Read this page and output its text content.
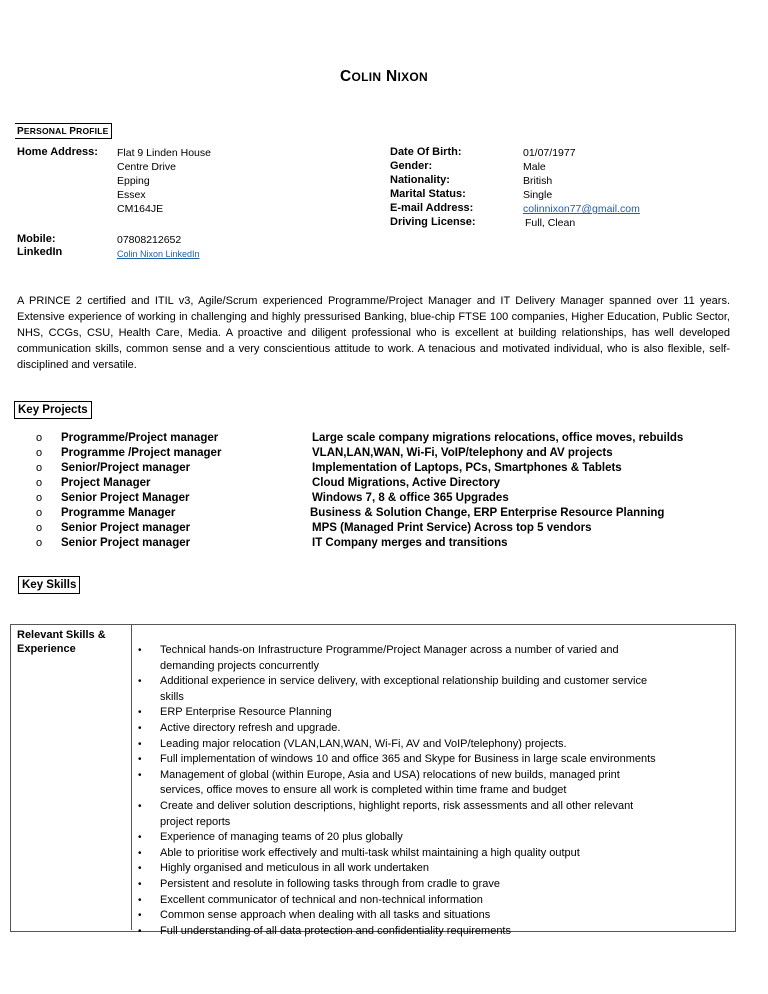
COLIN NIXON
PERSONAL PROFILE
Home Address: Flat 9 Linden House
Centre Drive
Epping
Essex
CM164JE
Date Of Birth:	01/07/1977
Gender:	Male
Nationality:	British
Marital Status:	Single
E-mail Address:	colinnixon77@gmail.com
Driving License:	Full, Clean
Mobile:	07808212652
LinkedIn	Colin Nixon LinkedIn
A PRINCE 2 certified and ITIL v3, Agile/Scrum experienced Programme/Project Manager and IT Delivery Manager spanned over 11 years. Extensive experience of working in challenging and highly pressurised Banking, blue-chip FTSE 100 companies, Higher Education, Public Sector, NHS, CCGs, CSU, Health Care, Media. A proactive and diligent professional who is excellent at building relationships, has well developed communication skills, common sense and a very conscientious attitude to work. A tenacious and motivated individual, who is also flexible, self-disciplined and versatile.
Key Projects
o Programme/Project manager	Large scale company migrations relocations, office moves, rebuilds
o Programme /Project manager	VLAN,LAN,WAN, Wi-Fi, VoIP/telephony and AV projects
o Senior/Project manager	Implementation of Laptops, PCs, Smartphones & Tablets
o Project Manager	Cloud Migrations, Active Directory
o Senior Project Manager	Windows 7, 8 & office 365 Upgrades
o Programme Manager	Business & Solution Change, ERP Enterprise Resource Planning
o Senior Project manager	MPS (Managed Print Service) Across top 5 vendors
o Senior Project manager	IT Company merges and transitions
Key Skills
Relevant Skills &
Experience	• Technical hands-on Infrastructure Programme/Project Manager across a number of varied and
demanding projects concurrently
• Additional experience in service delivery, with exceptional relationship building and customer service
skills
• ERP Enterprise Resource Planning
• Active directory refresh and upgrade.
• Leading major relocation (VLAN,LAN,WAN, Wi-Fi, AV and VoIP/telephony) projects.
• Full implementation of windows 10 and office 365 and Skype for Business in large scale environments
• Management of global (within Europe, Asia and USA) relocations of new builds, managed print
services, office moves to ensure all work is completed within time frame and budget
• Create and deliver solution descriptions, highlight reports, risk assessments and all other relevant
project reports
• Experience of managing teams of 20 plus globally
• Able to prioritise work effectively and multi-task whilst maintaining a high quality output
• Highly organised and meticulous in all work undertaken
• Persistent and resolute in following tasks through from cradle to grave
• Excellent communicator of technical and non-technical information
• Common sense approach when dealing with all tasks and situations
• Full understanding of all data protection and confidentiality requirements
